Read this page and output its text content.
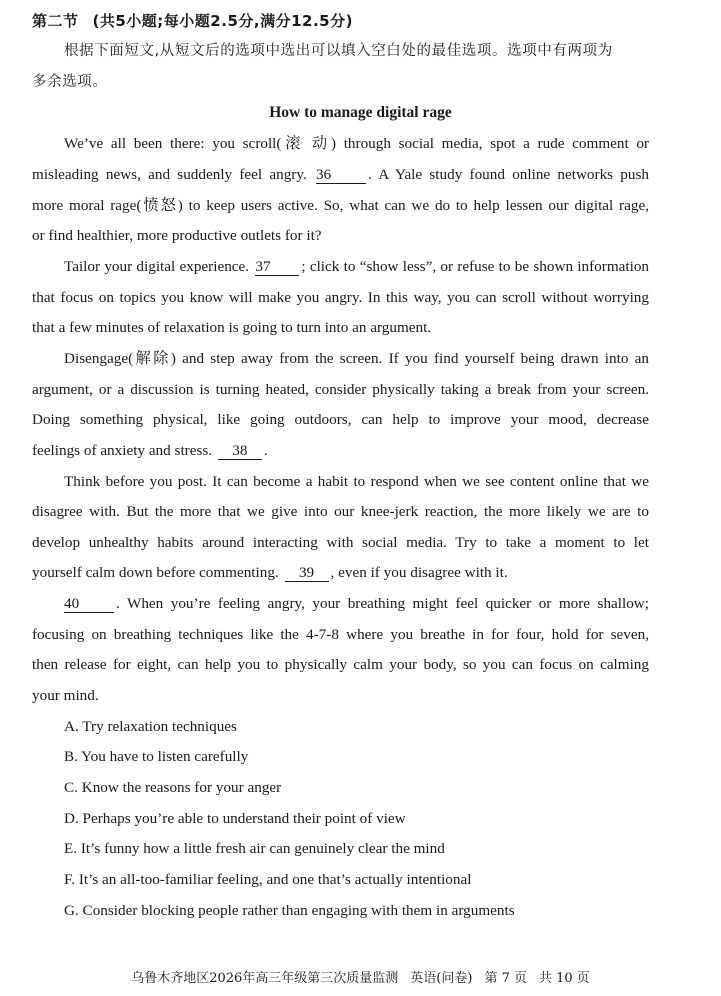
第二节 (共5小题;每小题2.5分,满分12.5分)
根据下面短文,从短文后的选项中选出可以填入空白处的最佳选项。选项中有两项为
多余选项。
How to manage digital rage
We’ve all been there: you scroll(滚 动) through social media, spot a rude comment or
misleading news, and suddenly feel angry. 36 . A Yale study found online networks push
more moral rage(愤怒) to keep users active. So, what can we do to help lessen our digital rage,
or find healthier, more productive outlets for it?
Tailor your digital experience. 37 ; click to “show less”, or refuse to be shown information
that focus on topics you know will make you angry. In this way, you can scroll without worrying
that a few minutes of relaxation is going to turn into an argument.
Disengage(解除) and step away from the screen. If you find yourself being drawn into an
argument, or a discussion is turning heated, consider physically taking a break from your screen.
Doing something physical, like going outdoors, can help to improve your mood, decrease
feelings of anxiety and stress. 38 .
Think before you post. It can become a habit to respond when we see content online that we
disagree with. But the more that we give into our knee-jerk reaction, the more likely we are to
develop unhealthy habits around interacting with social media. Try to take a moment to let
yourself calm down before commenting. 39 , even if you disagree with it.
40 . When you’re feeling angry, your breathing might feel quicker or more shallow;
focusing on breathing techniques like the 4-7-8 where you breathe in for four, hold for seven,
then release for eight, can help you to physically calm your body, so you can focus on calming
your mind.
A. Try relaxation techniques
B. You have to listen carefully
C. Know the reasons for your anger
D. Perhaps you’re able to understand their point of view
E. It’s funny how a little fresh air can genuinely clear the mind
F. It’s an all-too-familiar feeling, and one that’s actually intentional
G. Consider blocking people rather than engaging with them in arguments
乌鲁木齐地区2026年高三年级第三次质量监测 英语(问卷) 第 7 页 共 10 页
